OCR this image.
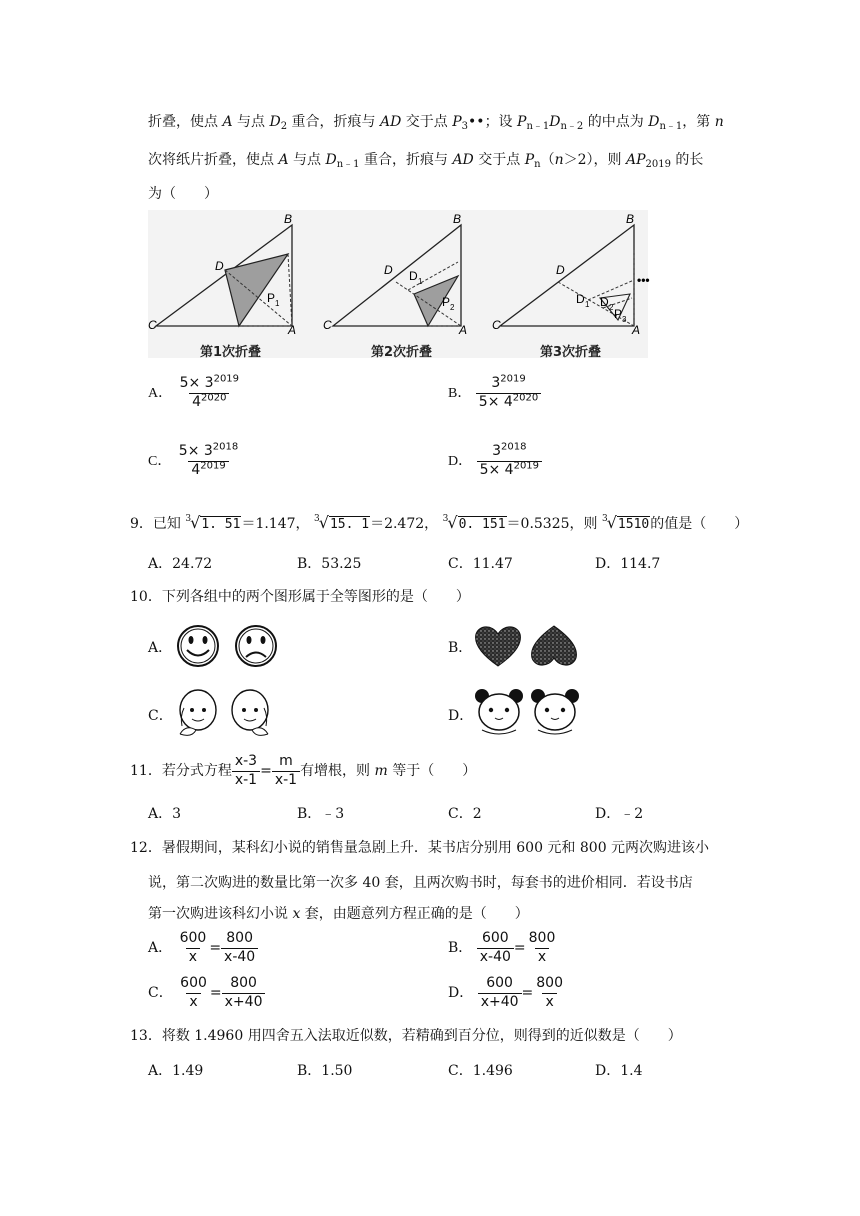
折叠，使点 A 与点 $D_2$ 重合，折痕与 AD 交于点 $P_3••$；设 $P_{n﹣1}D_{n﹣2}$ 的中点为 $D_{n﹣1}$，第 n
次将纸片折叠，使点 A 与点 $D_{n﹣1}$ 重合，折痕与 AD 交于点 $P_n(n>2)$，则 $AP_{2019}$ 的长
为（　　）
B
D
C	A
P 1
B
D D 1
C	A
P 2
B
D
D 1 D 2
C	A
P 3
•••
第1次折叠	第2次折叠	第3次折叠
A． $\frac{5\times 3^{2019}}{4^{2020}}$	B． $\frac{3^{2019}}{5\times 4^{2020}}$
C． $\frac{5\times 3^{2018}}{4^{2019}}$	D． $\frac{3^{2018}}{5\times 4^{2019}}$
9．已知 $^3$√1. 51＝1.147， $^3$√15. 1＝2.472， $^3$√0. 151＝0.5325，则 $^3$√1510的值是（　　）
A．24.72	B．53.25	C．11.47	D．114.7
10．下列各组中的两个图形属于全等图形的是（　　）
A．	B．
C．	D．
11．若分式方程 $\frac{x-3}{x-1} = \frac{m}{x-1}$ 有增根，则 m 等于（　　）
A．3	B．﹣3	C．2	D．﹣2
12．暑假期间，某科幻小说的销售量急剧上升．某书店分别用 600 元和 800 元两次购进该小
说，第二次购进的数量比第一次多 40 套，且两次购书时，每套书的进价相同．若设书店
第一次购进该科幻小说 x 套，由题意列方程正确的是（　　）
A． $\frac{600}{x} = \frac{800}{x-40}$	B． $\frac{600}{x-40} = \frac{800}{x}$
C． $\frac{600}{x} = \frac{800}{x+40}$	D． $\frac{600}{x+40} = \frac{800}{x}$
13．将数 1.4960 用四舍五入法取近似数，若精确到百分位，则得到的近似数是（　　）
A．1.49	B．1.50	C．1.496	D．1.4
